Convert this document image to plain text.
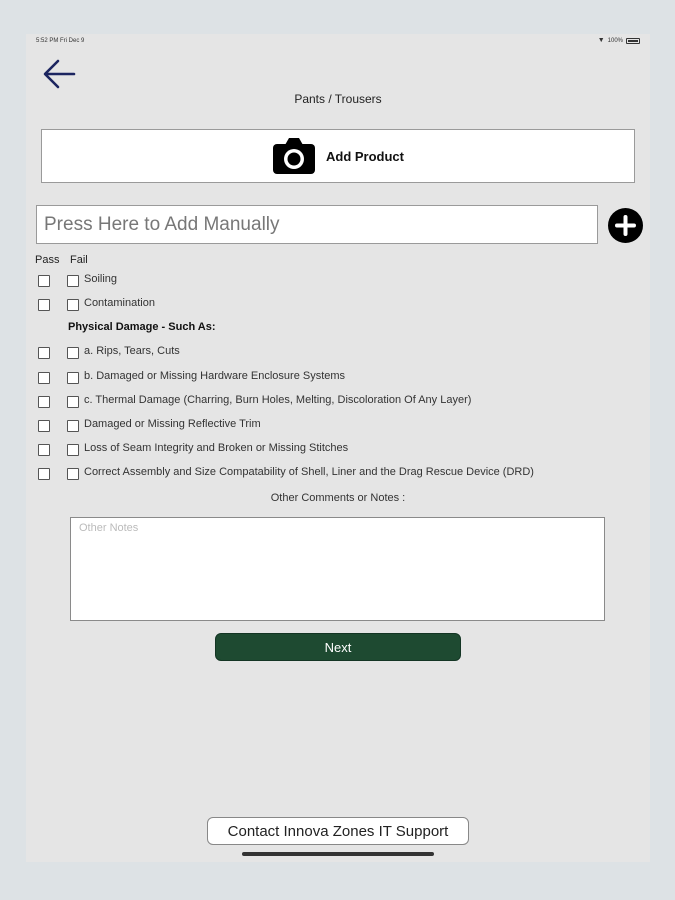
5:52 PM Fri Dec 9	▼ 100%
Pants / Trousers
Add Product
Press Here to Add Manually
Pass Fail
Soiling
Contamination
Physical Damage - Such As:
a. Rips, Tears, Cuts
b. Damaged or Missing Hardware Enclosure Systems
c. Thermal Damage (Charring, Burn Holes, Melting, Discoloration Of Any Layer)
Damaged or Missing Reflective Trim
Loss of Seam Integrity and Broken or Missing Stitches
Correct Assembly and Size Compatability of Shell, Liner and the Drag Rescue Device (DRD)
Other Comments or Notes :
Other Notes
Next
Contact Innova Zones IT Support
